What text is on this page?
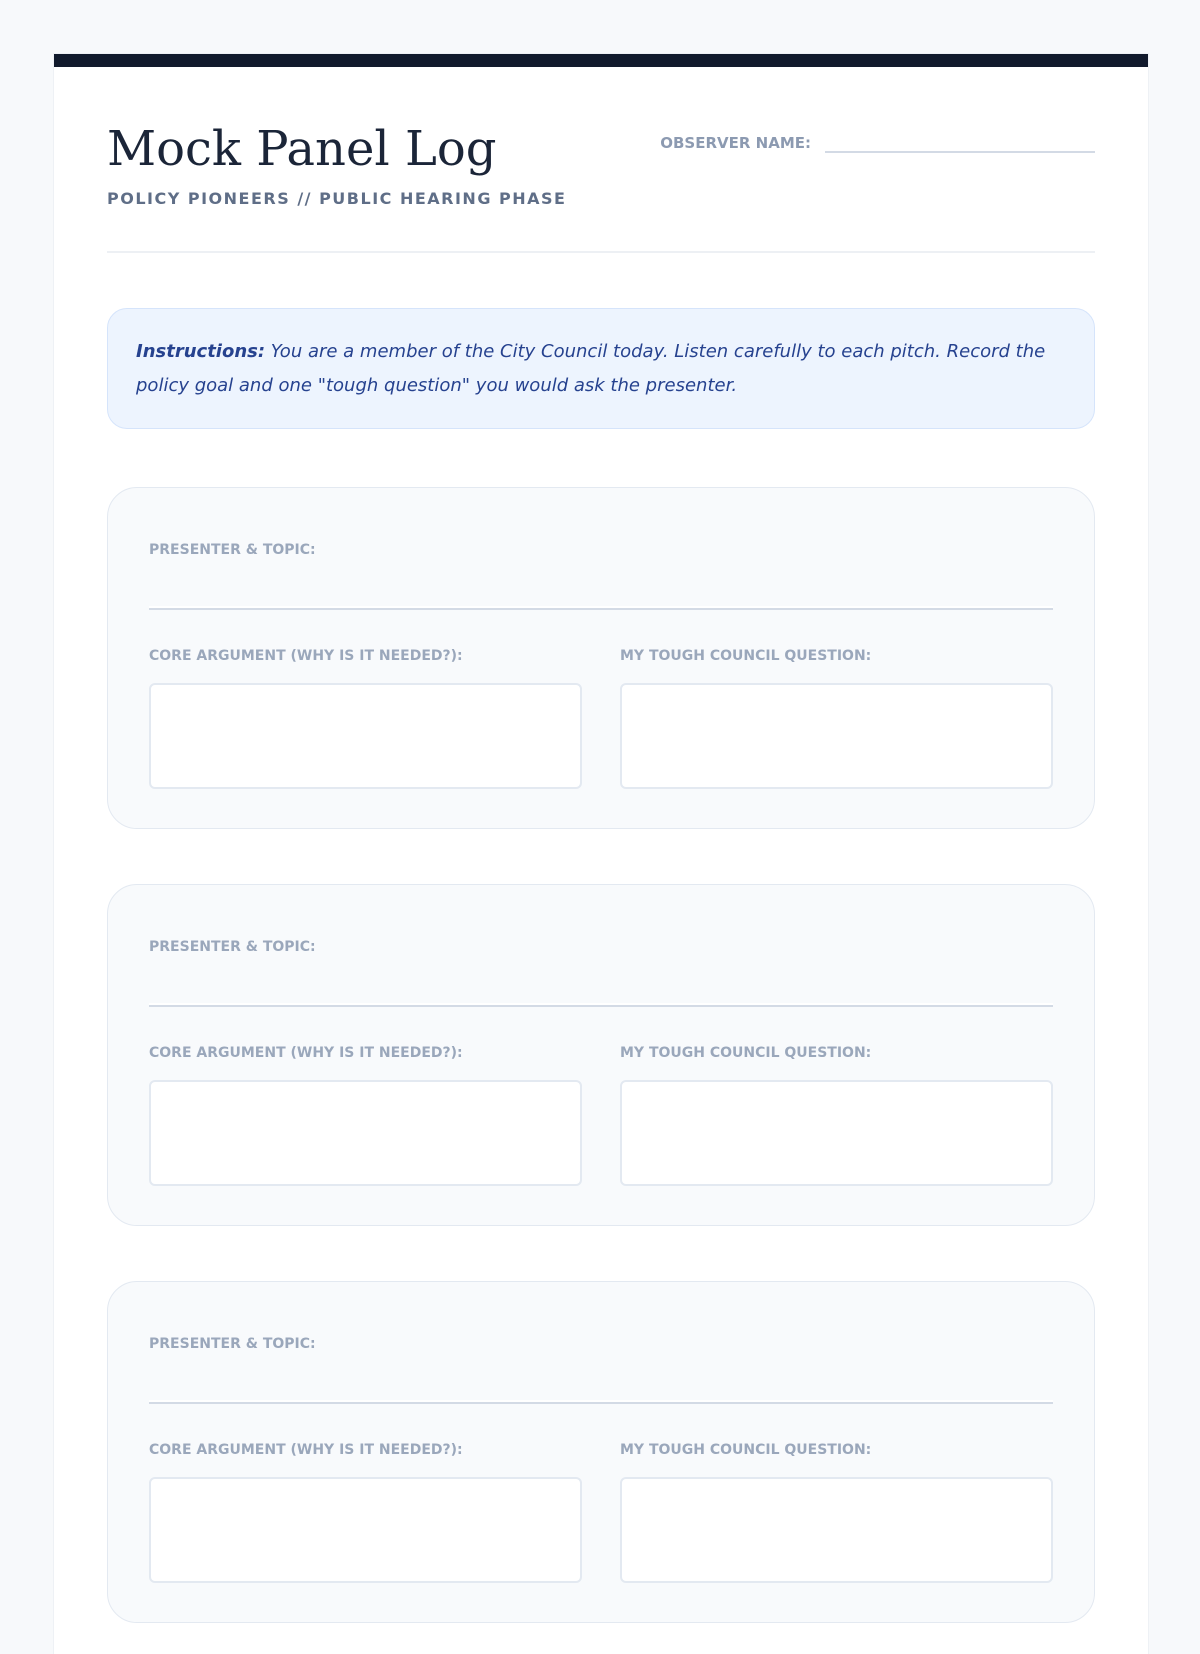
Mock Panel Log
POLICY PIONEERS // PUBLIC HEARING PHASE
OBSERVER NAME:
Instructions: You are a member of the City Council today. Listen carefully to each pitch. Record the policy goal and one "tough question" you would ask the presenter.
PRESENTER & TOPIC:
CORE ARGUMENT (WHY IS IT NEEDED?):	MY TOUGH COUNCIL QUESTION:
PRESENTER & TOPIC:
CORE ARGUMENT (WHY IS IT NEEDED?):	MY TOUGH COUNCIL QUESTION:
PRESENTER & TOPIC:
CORE ARGUMENT (WHY IS IT NEEDED?):	MY TOUGH COUNCIL QUESTION:
